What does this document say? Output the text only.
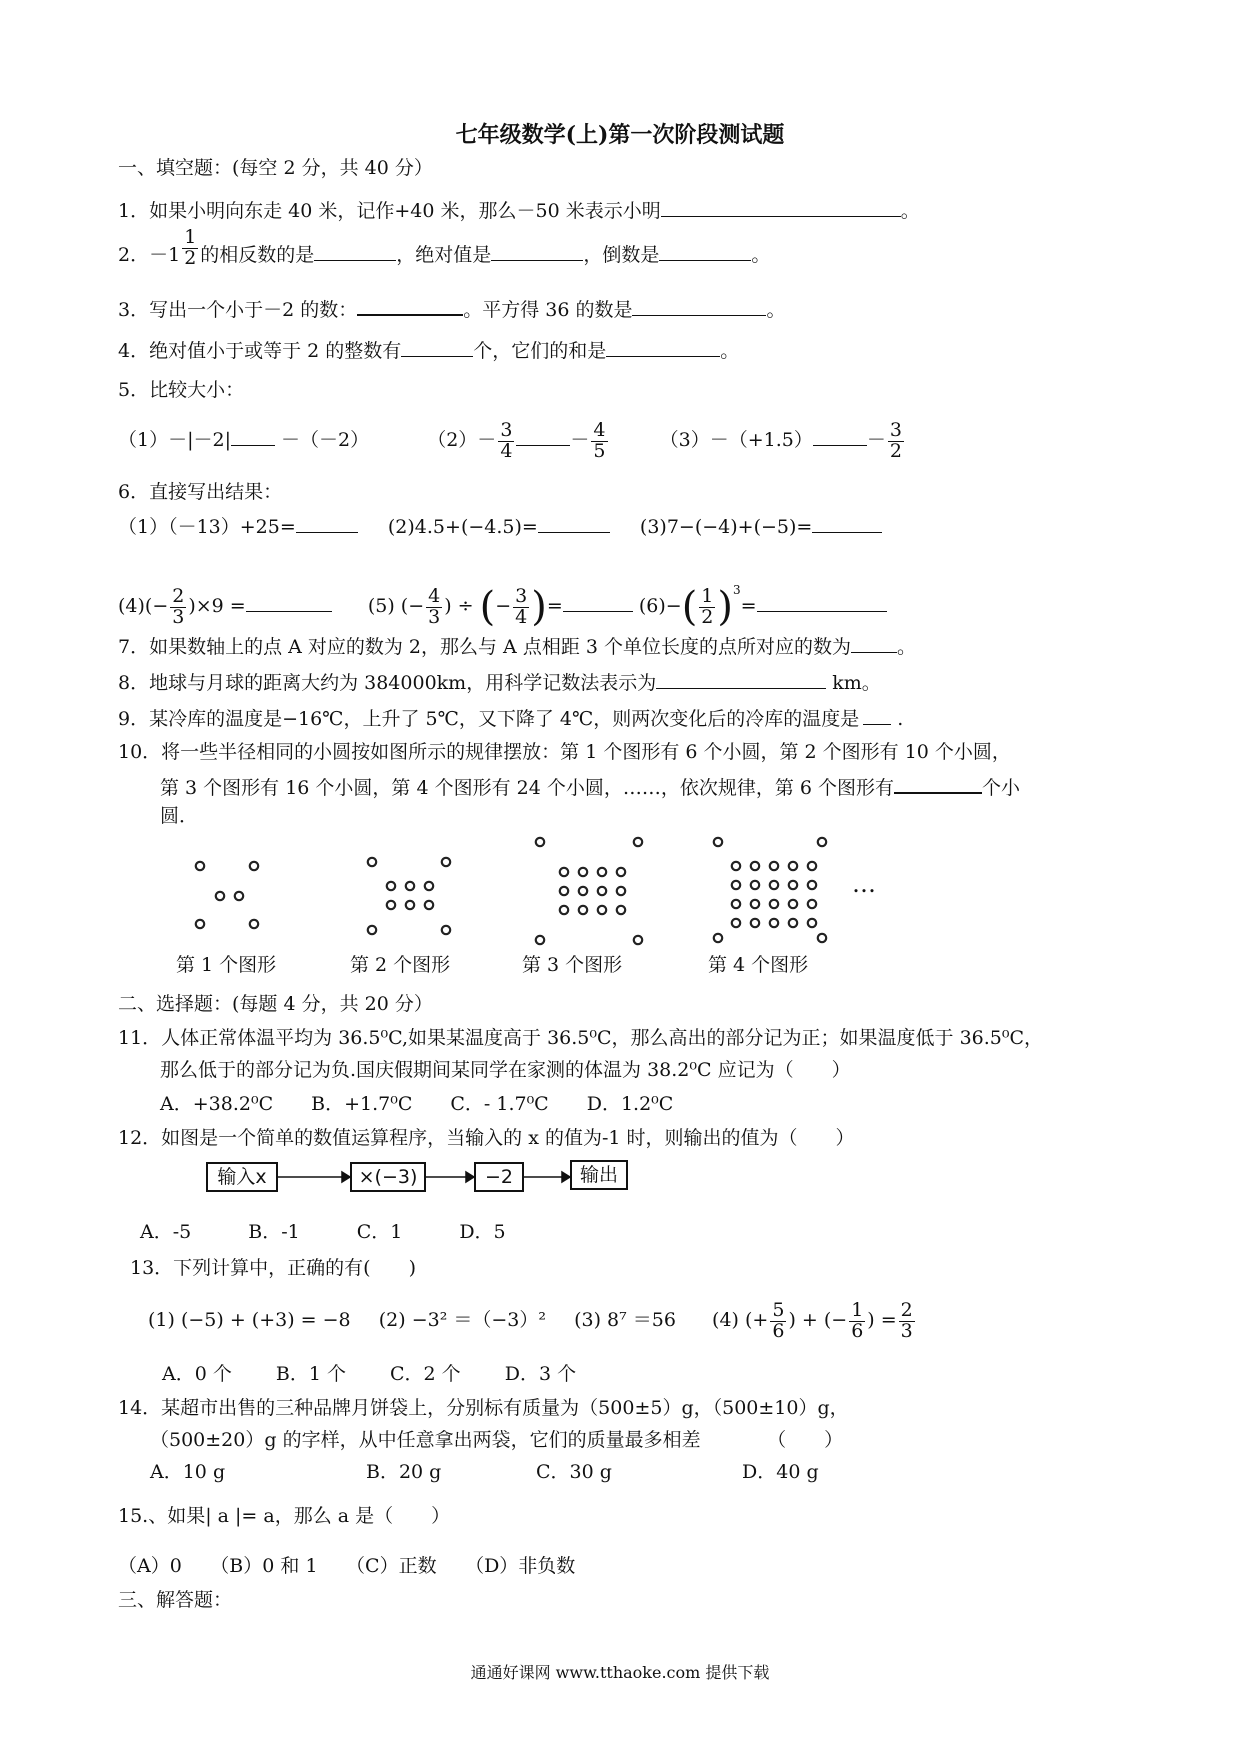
七年级数学(上)第一次阶段测试题
一、填空题：(每空 2 分，共 40 分）
1．如果小明向东走 40 米，记作+40 米，那么－50 米表示小明	。
2．$-1 \frac{1}{2}$ 的相反数的是	，绝对值是	，倒数是	。
3．写出一个小于－2 的数：	。平方得 36 的数是	。
4．绝对值小于或等于 2 的整数有	个，它们的和是	。
5．比较大小：
（1）－|－2|	－（－2）	$(2)- \frac{3}{4}$	－ $\frac{4}{5}$	（3）－（+1.5）	－ $\frac{3}{2}$
6．直接写出结果：
（1）（－13）+25=	(2)4.5+(−4.5)=	(3)7−(−4)+(−5)=
$(4)(- \frac{2}{3} )\times 9$ =	(5) (− $\frac{4}{3}$ ) ÷ (− $\frac{3}{4}$ )=	$(6)-( \frac{1}{2} )^3=$
7．如果数轴上的点 A 对应的数为 2，那么与 A 点相距 3 个单位长度的点所对应的数为 。
8．地球与月球的距离大约为 384000km，用科学记数法表示为	km。
9．某冷库的温度是−16℃，上升了 5℃，又下降了 4℃，则两次变化后的冷库的温度是 .
10．将一些半径相同的小圆按如图所示的规律摆放：第 1 个图形有 6 个小圆，第 2 个图形有 10 个小圆，
第 3 个图形有 16 个小圆，第 4 个图形有 24 个小圆，……，依次规律，第 6 个图形有	个小
圆．
第 1 个图形	第 2 个图形	第 3 个图形	第 4 个图形
…
二、选择题：(每题 4 分，共 20 分）
11．人体正常体温平均为 36.5⁰C,如果某温度高于 36.5⁰C，那么高出的部分记为正；如果温度低于 36.5⁰C，
那么低于的部分记为负.国庆假期间某同学在家测的体温为 38.2⁰C 应记为（　　）
A．+38.2⁰C　　B．+1.7⁰C　　C．- 1.7⁰C　　D．1.2⁰C
12．如图是一个简单的数值运算程序，当输入的 x 的值为-1 时，则输出的值为（　　）
输入x	×(−3)	−2	输出
A．-5　　　B．-1　　　C．1　　　D．5
13．下列计算中，正确的有(　　)
(1) (−5) + (+3) = −8 (2) −3² ＝（−3）² (3) 8⁷ ＝56 (4) (+ $\frac{5}{6}$ ) + (− $\frac{1}{6}$ ) = $\frac{2}{3}$
A．0 个　　 B．1 个　　 C．2 个　　 D．3 个
14．某超市出售的三种品牌月饼袋上，分别标有质量为（500±5）g，（500±10）g，
（500±20）g 的字样，从中任意拿出两袋，它们的质量最多相差　　　　（　　）
A．10 g	B．20 g	C．30 g	D．40 g
15.、如果| a |= a，那么 a 是（　　）
（A）0　　（B）0 和 1　　（C）正数　　（D）非负数
三、解答题：
通通好课网 www.tthaoke.com 提供下载
